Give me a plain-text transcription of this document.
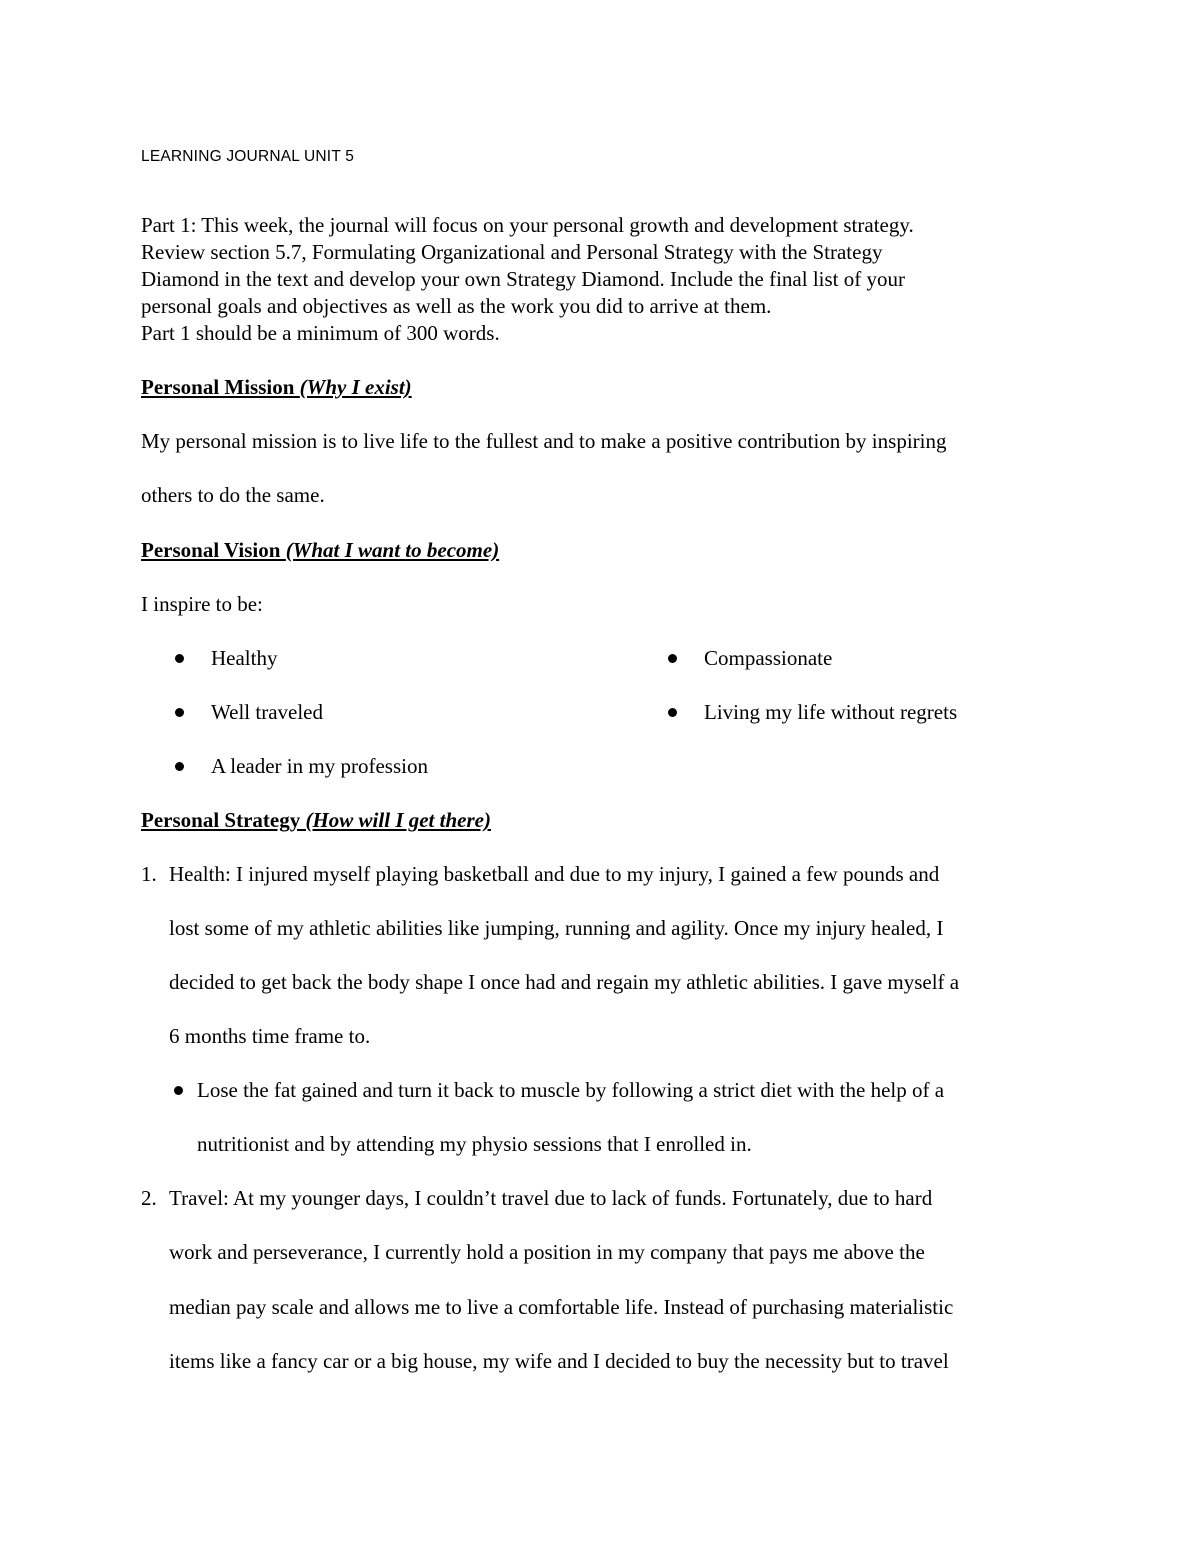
LEARNING JOURNAL UNIT 5
Part 1: This week, the journal will focus on your personal growth and development strategy.
Review section 5.7, Formulating Organizational and Personal Strategy with the Strategy
Diamond in the text and develop your own Strategy Diamond. Include the final list of your
personal goals and objectives as well as the work you did to arrive at them.
Part 1 should be a minimum of 300 words.
Personal Mission (Why I exist)
My personal mission is to live life to the fullest and to make a positive contribution by inspiring
others to do the same.
Personal Vision (What I want to become)
I inspire to be:
Healthy
Well traveled
A leader in my profession
Compassionate
Living my life without regrets
Personal Strategy (How will I get there)
1. Health: I injured myself playing basketball and due to my injury, I gained a few pounds and
lost some of my athletic abilities like jumping, running and agility. Once my injury healed, I
decided to get back the body shape I once had and regain my athletic abilities. I gave myself a
6 months time frame to.
Lose the fat gained and turn it back to muscle by following a strict diet with the help of a
nutritionist and by attending my physio sessions that I enrolled in.
2. Travel: At my younger days, I couldn’t travel due to lack of funds. Fortunately, due to hard
work and perseverance, I currently hold a position in my company that pays me above the
median pay scale and allows me to live a comfortable life. Instead of purchasing materialistic
items like a fancy car or a big house, my wife and I decided to buy the necessity but to travel
